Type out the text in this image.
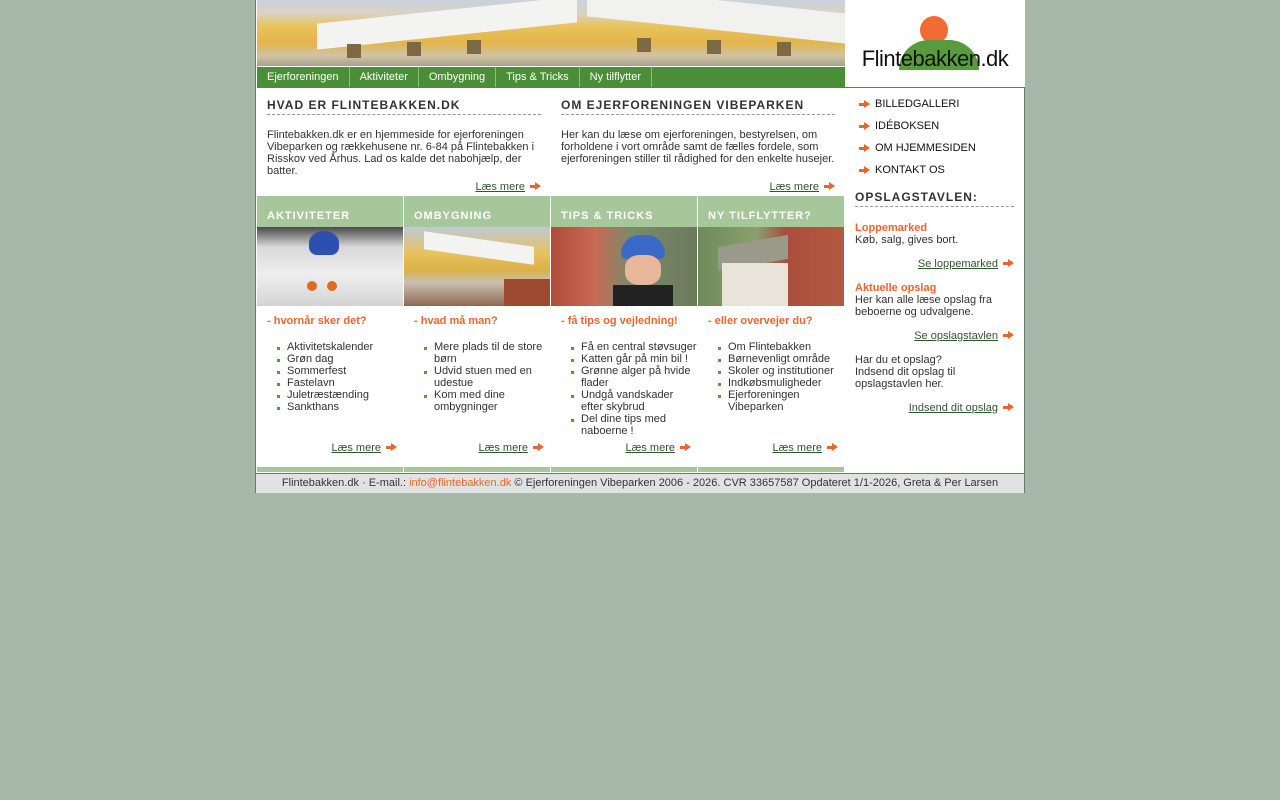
Flintebakken.dk
Ejerforeningen	Aktiviteter	Ombygning	Tips & Tricks	Ny tilflytter
HVAD ER FLINTEBAKKEN.DK

Flintebakken.dk er en hjemmeside for ejerforeningen Vibeparken og rækkehusene nr. 6-84 på Flintebakken i Risskov ved Århus. Lad os kalde det nabohjælp, der batter.

Læs mere
OM EJERFORENINGEN VIBEPARKEN

Her kan du læse om ejerforeningen, bestyrelsen, om forholdene i vort område samt de fælles fordele, som ejerforeningen stiller til rådighed for den enkelte husejer.

Læs mere
AKTIVITETER
- hvornår sker det?
Aktivitetskalender
Grøn dag
Sommerfest
Fastelavn
Juletræstænding
Sankthans
Læs mere
OMBYGNING
- hvad må man?
Mere plads til de store børn
Udvid stuen med en udestue
Kom med dine ombygninger
Læs mere
TIPS & TRICKS
- få tips og vejledning!
Få en central støvsuger
Katten går på min bil !
Grønne alger på hvide flader
Undgå vandskader efter skybrud
Del dine tips med naboerne !
Læs mere
NY TILFLYTTER?
- eller overvejer du?
Om Flintebakken
Børnevenligt område
Skoler og institutioner
Indkøbsmuligheder
Ejerforeningen Vibeparken
Læs mere
BILLEDGALLERI
IDÉBOKSEN
OM HJEMMESIDEN
KONTAKT OS
OPSLAGSTAVLEN:
Loppemarked
Køb, salg, gives bort.
Se loppemarked
Aktuelle opslag
Her kan alle læse opslag fra beboerne og udvalgene.
Se opslagstavlen
Har du et opslag?
Indsend dit opslag til opslagstavlen her.
Indsend dit opslag
Flintebakken.dk · E-mail.: info@flintebakken.dk © Ejerforeningen Vibeparken 2006 - 2026. CVR 33657587 Opdateret 1/1-2026, Greta & Per Larsen
